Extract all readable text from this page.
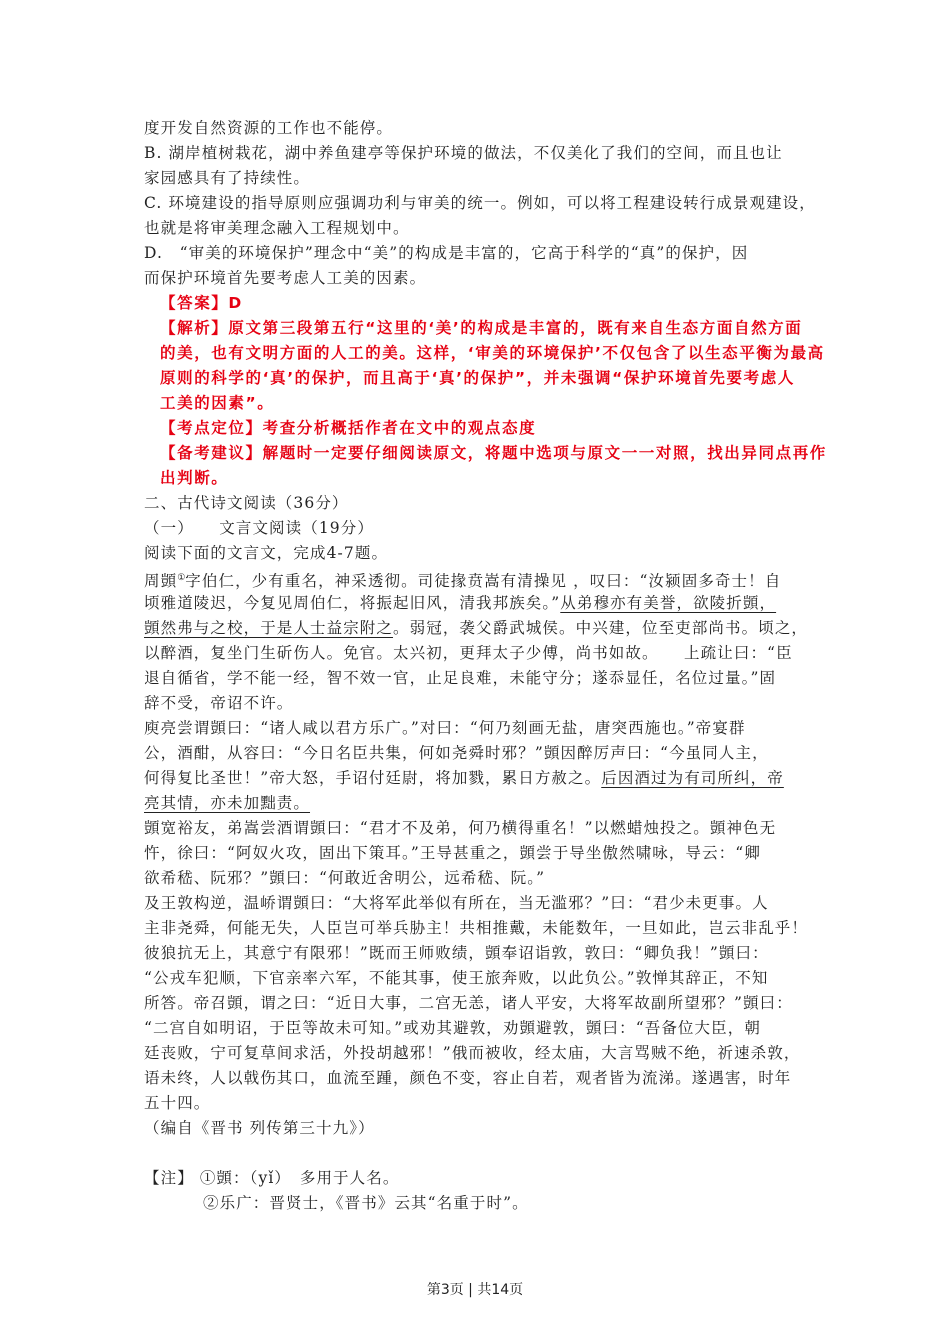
度开发自然资源的工作也不能停。
B. 湖岸植树栽花，湖中养鱼建亭等保护环境的做法，不仅美化了我们的空间，而且也让
家园感具有了持续性。
C. 环境建设的指导原则应强调功利与审美的统一。例如，可以将工程建设转行成景观建设，
也就是将审美理念融入工程规划中。
D.　“审美的环境保护”理念中“美”的构成是丰富的，它高于科学的“真”的保护，因
而保护环境首先要考虑人工美的因素。
【答案】D
【解析】原文第三段第五行“这里的‘美’的构成是丰富的，既有来自生态方面自然方面
的美，也有文明方面的人工的美。这样，‘审美的环境保护’不仅包含了以生态平衡为最高
原则的科学的‘真’的保护，而且高于‘真’的保护”，并未强调“保护环境首先要考虑人
工美的因素”。
【考点定位】考查分析概括作者在文中的观点态度
【备考建议】解题时一定要仔细阅读原文，将题中选项与原文一一对照，找出异同点再作
出判断。
二、古代诗文阅读（36分）
（一）　　文言文阅读（19分）
阅读下面的文言文，完成4-7题。
周顗①字伯仁，少有重名，神采透彻。司徒掾贲嵩有清操见 ，叹曰：“汝颍固多奇士！自
顷雅道陵迟，今复见周伯仁，将振起旧风，清我邦族矣。”从弟穆亦有美誉，欲陵折顗，
顗然弗与之校，于是人士益宗附之。弱冠，袭父爵武城侯。中兴建，位至吏部尚书。顷之，
以醉酒，复坐门生斫伤人。免官。太兴初，更拜太子少傅，尚书如故。　　上疏让曰：“臣
退自循省，学不能一经，智不效一官，止足良难，未能守分；遂忝显任，名位过量。”固
辞不受，帝诏不许。
庾亮尝谓顗曰：“诸人咸以君方乐广。”对曰：“何乃刻画无盐，唐突西施也。”帝宴群
公，酒酣，从容曰：“今日名臣共集，何如尧舜时邪？”顗因醉厉声曰：“今虽同人主，
何得复比圣世！”帝大怒，手诏付廷尉，将加戮，累日方赦之。后因酒过为有司所纠，帝
亮其情，亦未加黜责。
顗宽裕友，弟嵩尝酒谓顗曰：“君才不及弟，何乃横得重名！”以燃蜡烛投之。顗神色无
忤，徐曰：“阿奴火攻，固出下策耳。”王导甚重之，顗尝于导坐傲然啸咏，导云：“卿
欲希嵇、阮邪？”顗曰：“何敢近舍明公，远希嵇、阮。”
及王敦构逆，温峤谓顗曰：“大将军此举似有所在，当无滥邪？”曰：“君少未更事。人
主非尧舜，何能无失，人臣岂可举兵胁主！共相推戴，未能数年，一旦如此，岂云非乱乎！
彼狼抗无上，其意宁有限邪！”既而王师败绩，顗奉诏诣敦，敦曰：“卿负我！”顗曰：
“公戎车犯顺，下官亲率六军，不能其事，使王旅奔败，以此负公。”敦惮其辞正，不知
所答。帝召顗，谓之曰：“近日大事，二宫无恙，诸人平安，大将军故副所望邪？”顗曰：
“二宫自如明诏，于臣等故未可知。”或劝其避敦，劝顗避敦，顗曰：“吾备位大臣，朝
廷丧败，宁可复草间求活，外投胡越邪！”俄而被收，经太庙，大言骂贼不绝，祈速杀敦，
语未终，人以戟伤其口，血流至踵，颜色不变，容止自若，观者皆为流涕。遂遇害，时年
五十四。
（编自《晋书 列传第三十九》）
【注】 ①顗：（yǐ）　多用于人名。
②乐广：晋贤士，《晋书》云其“名重于时”。
第3页 | 共14页
